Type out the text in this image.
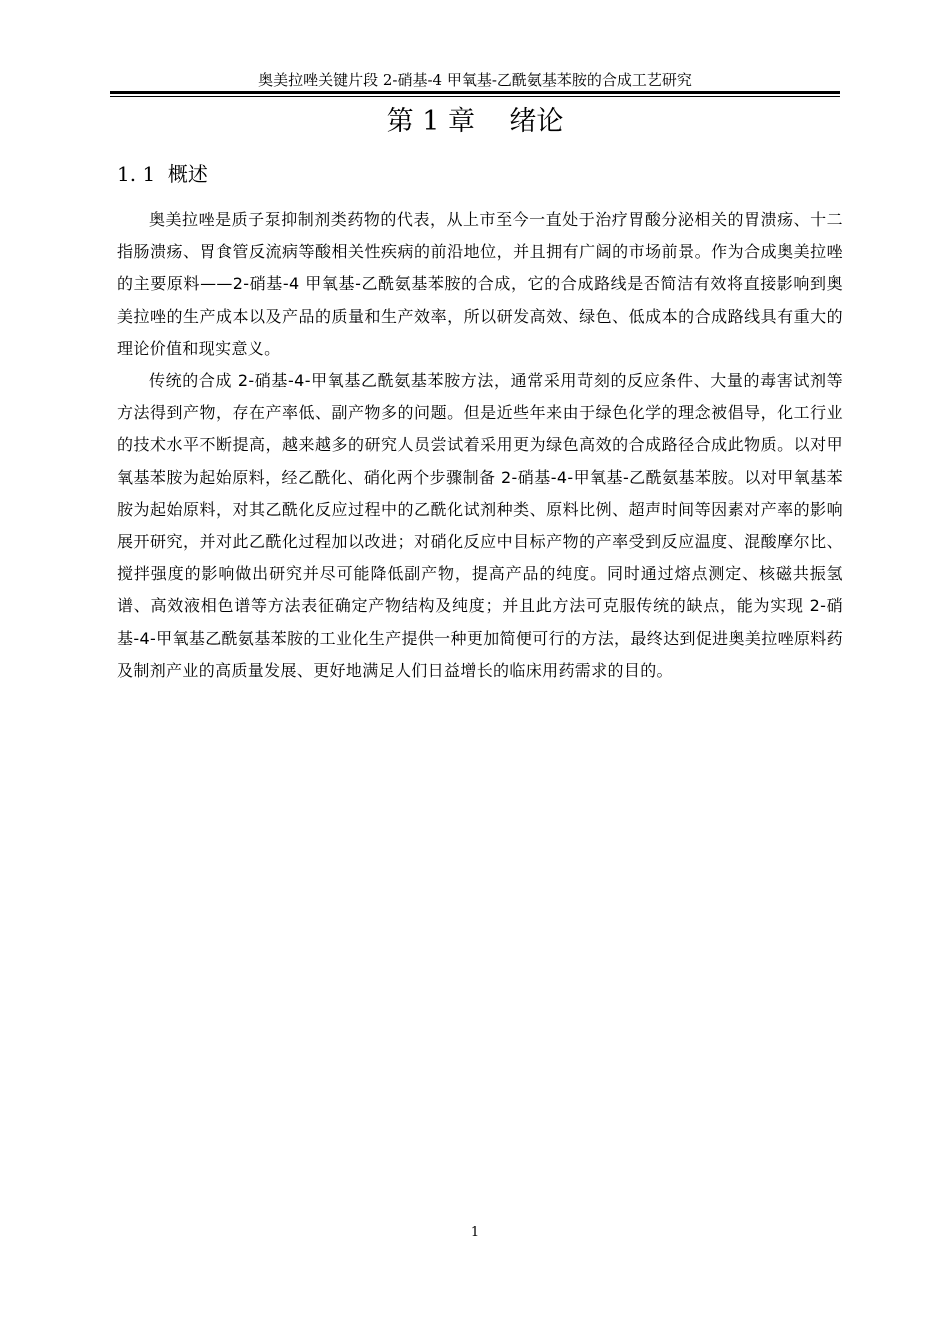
奥美拉唑关键片段 2-硝基-4 甲氧基-乙酰氨基苯胺的合成工艺研究
第 1 章    绪论
1. 1  概述

奥美拉唑是质子泵抑制剂类药物的代表，从上市至今一直处于治疗胃酸分泌相关的胃溃疡、十二指肠溃疡、胃食管反流病等酸相关性疾病的前沿地位，并且拥有广阔的市场前景。作为合成奥美拉唑的主要原料——2-硝基-4 甲氧基-乙酰氨基苯胺的合成，它的合成路线是否简洁有效将直接影响到奥美拉唑的生产成本以及产品的质量和生产效率，所以研发高效、绿色、低成本的合成路线具有重大的理论价值和现实意义。

传统的合成 2-硝基-4-甲氧基乙酰氨基苯胺方法，通常采用苛刻的反应条件、大量的毒害试剂等方法得到产物，存在产率低、副产物多的问题。但是近些年来由于绿色化学的理念被倡导，化工行业的技术水平不断提高，越来越多的研究人员尝试着采用更为绿色高效的合成路径合成此物质。以对甲氧基苯胺为起始原料，经乙酰化、硝化两个步骤制备 2-硝基-4-甲氧基-乙酰氨基苯胺。以对甲氧基苯胺为起始原料，对其乙酰化反应过程中的乙酰化试剂种类、原料比例、超声时间等因素对产率的影响展开研究，并对此乙酰化过程加以改进；对硝化反应中目标产物的产率受到反应温度、混酸摩尔比、搅拌强度的影响做出研究并尽可能降低副产物，提高产品的纯度。同时通过熔点测定、核磁共振氢谱、高效液相色谱等方法表征确定产物结构及纯度；并且此方法可克服传统的缺点，能为实现 2-硝基-4-甲氧基乙酰氨基苯胺的工业化生产提供一种更加简便可行的方法，最终达到促进奥美拉唑原料药及制剂产业的高质量发展、更好地满足人们日益增长的临床用药需求的目的。

1
